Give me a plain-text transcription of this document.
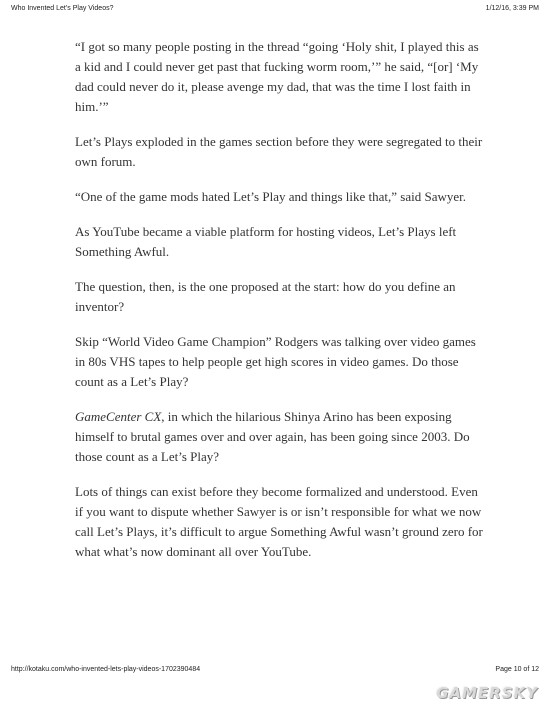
Who Invented Let’s Play Videos?	1/12/16, 3:39 PM

“I got so many people posting in the thread “going ‘Holy shit, I played this as a kid and I could never get past that fucking worm room,’” he said, “[or] ‘My dad could never do it, please avenge my dad, that was the time I lost faith in him.’”

Let’s Plays exploded in the games section before they were segregated to their own forum.

“One of the game mods hated Let’s Play and things like that,” said Sawyer.

As YouTube became a viable platform for hosting videos, Let’s Plays left Something Awful.

The question, then, is the one proposed at the start: how do you define an inventor?

Skip “World Video Game Champion” Rodgers was talking over video games in 80s VHS tapes to help people get high scores in video games. Do those count as a Let’s Play?

GameCenter CX, in which the hilarious Shinya Arino has been exposing himself to brutal games over and over again, has been going since 2003. Do those count as a Let’s Play?

Lots of things can exist before they become formalized and understood. Even if you want to dispute whether Sawyer is or isn’t responsible for what we now call Let’s Plays, it’s difficult to argue Something Awful wasn’t ground zero for what what’s now dominant all over YouTube.

http://kotaku.com/who-invented-lets-play-videos-1702390484	Page 10 of 12
GAMERSKY
